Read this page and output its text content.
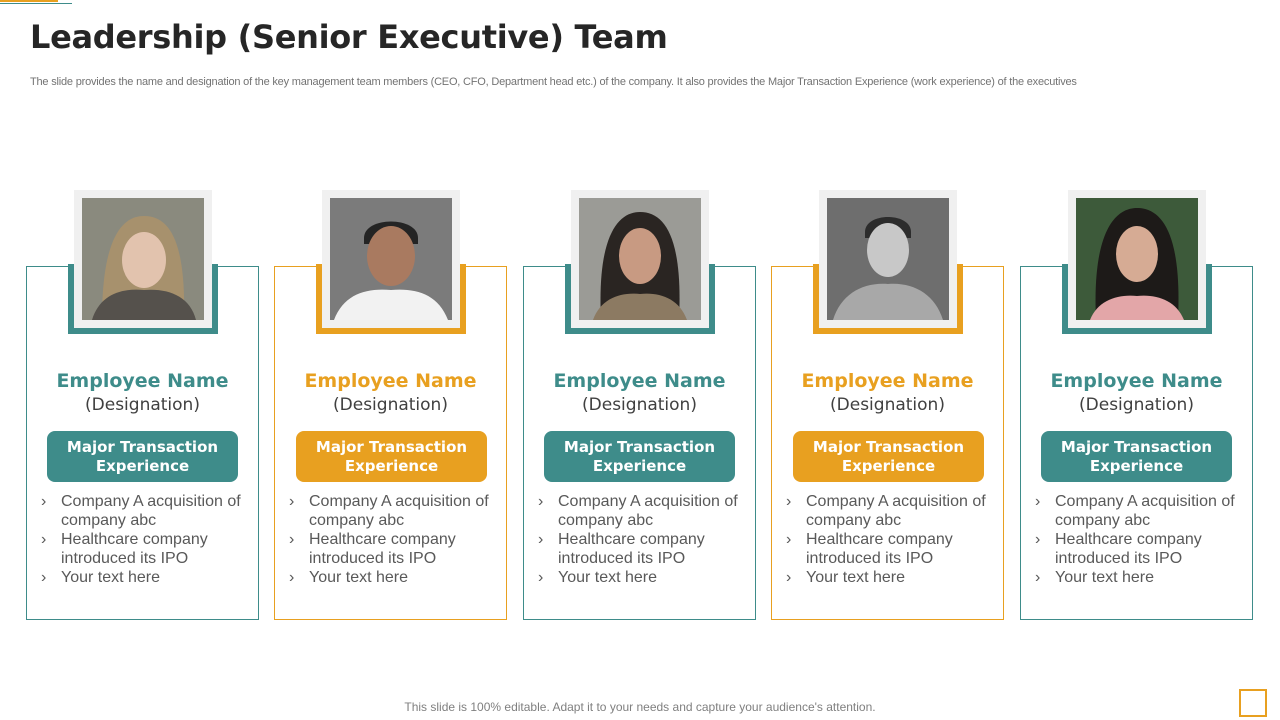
Leadership (Senior Executive) Team

The slide provides the name and designation of the key management team members (CEO, CFO, Department head etc.) of the company. It also provides the Major Transaction Experience (work experience) of the executives

Employee Name
(Designation)
Major Transaction Experience
› Company A acquisition of company abc
› Healthcare company introduced its IPO
› Your text here
Employee Name
(Designation)
Major Transaction Experience
› Company A acquisition of company abc
› Healthcare company introduced its IPO
› Your text here
Employee Name
(Designation)
Major Transaction Experience
› Company A acquisition of company abc
› Healthcare company introduced its IPO
› Your text here
Employee Name
(Designation)
Major Transaction Experience
› Company A acquisition of company abc
› Healthcare company introduced its IPO
› Your text here
Employee Name
(Designation)
Major Transaction Experience
› Company A acquisition of company abc
› Healthcare company introduced its IPO
› Your text here
This slide is 100% editable. Adapt it to your needs and capture your audience's attention.
